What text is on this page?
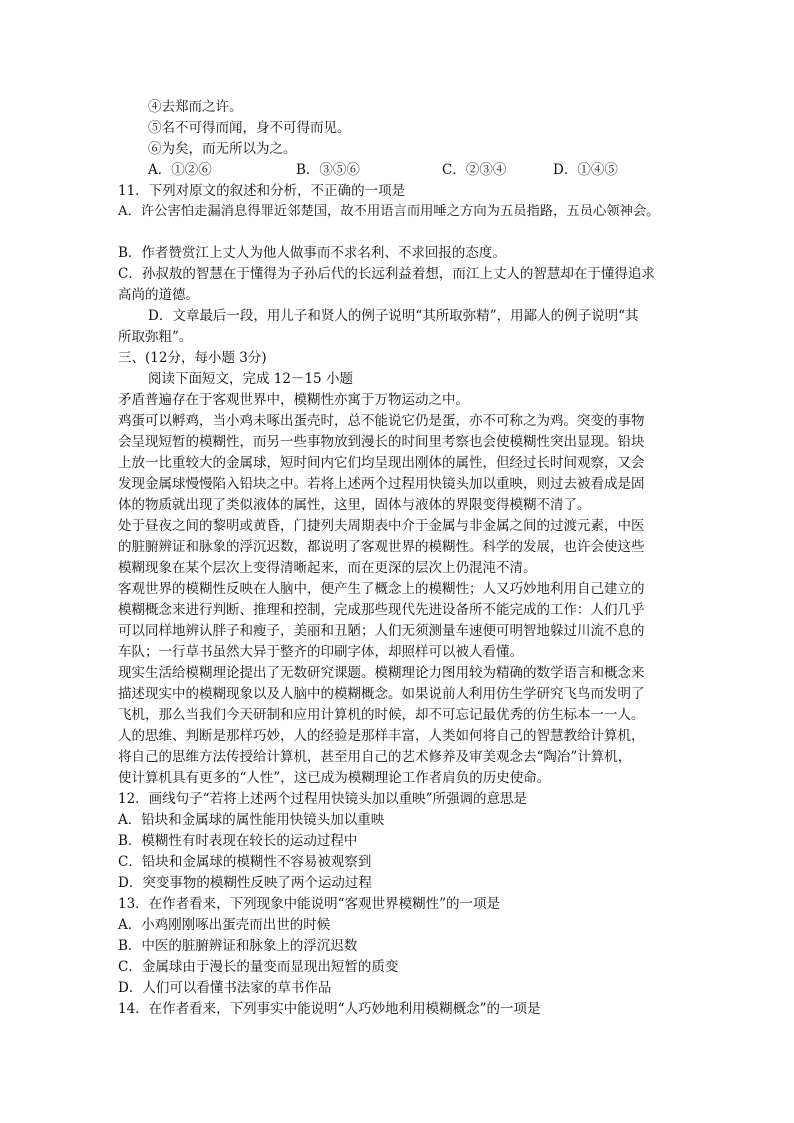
④去郑而之许。
⑤名不可得而闻，身不可得而见。
⑥为矣，而无所以为之。
A．①②⑥	B．③⑤⑥	C．②③④	D．①④⑤
11．下列对原文的叙述和分析，不正确的一项是
A．许公害怕走漏消息得罪近邻楚国，故不用语言而用唾之方向为五员指路，五员心领神会。
B．作者赞赏江上丈人为他人做事而不求名利、不求回报的态度。
C．孙叔敖的智慧在于懂得为子孙后代的长远利益着想，而江上丈人的智慧却在于懂得追求
高尚的道德。
D．文章最后一段，用儿子和贤人的例子说明“其所取弥精”，用鄙人的例子说明“其
所取弥粗”。
三、(12分，每小题 3分)
阅读下面短文，完成 12－15 小题
矛盾普遍存在于客观世界中，模糊性亦寓于万物运动之中。
鸡蛋可以孵鸡，当小鸡未啄出蛋壳时，总不能说它仍是蛋，亦不可称之为鸡。突变的事物
会呈现短暂的模糊性，而另一些事物放到漫长的时间里考察也会使模糊性突出显现。铅块
上放一比重较大的金属球，短时间内它们均呈现出刚体的属性，但经过长时间观察，又会
发现金属球慢慢陷入铅块之中。若将上述两个过程用快镜头加以重映，则过去被看成是固
体的物质就出现了类似液体的属性，这里，固体与液体的界限变得模糊不清了。
处于昼夜之间的黎明或黄昏，门捷列夫周期表中介于金属与非金属之间的过渡元素，中医
的脏腑辨证和脉象的浮沉迟数，都说明了客观世界的模糊性。科学的发展，也许会使这些
模糊现象在某个层次上变得清晰起来，而在更深的层次上仍混沌不清。
客观世界的模糊性反映在人脑中，便产生了概念上的模糊性；人又巧妙地利用自己建立的
模糊概念来进行判断、推理和控制，完成那些现代先进设备所不能完成的工作：人们几乎
可以同样地辨认胖子和瘦子，美丽和丑陋；人们无须测量车速便可明智地躲过川流不息的
车队；一行草书虽然大异于整齐的印刷字体，却照样可以被人看懂。
现实生活给模糊理论提出了无数研究课题。模糊理论力图用较为精确的数学语言和概念来
描述现实中的模糊现象以及人脑中的模糊概念。如果说前人利用仿生学研究飞鸟而发明了
飞机，那么当我们今天研制和应用计算机的时候，却不可忘记最优秀的仿生标本一一人。
人的思维、判断是那样巧妙，人的经验是那样丰富，人类如何将自己的智慧教给计算机，
将自己的思维方法传授给计算机，甚至用自己的艺术修养及审美观念去“陶冶”计算机，
使计算机具有更多的“人性”，这已成为模糊理论工作者肩负的历史使命。
12．画线句子“若将上述两个过程用快镜头加以重映”所强调的意思是
A．铅块和金属球的属性能用快镜头加以重映
B．模糊性有时表现在较长的运动过程中
C．铅块和金属球的模糊性不容易被观察到
D．突变事物的模糊性反映了两个运动过程
13．在作者看来，下列现象中能说明“客观世界模糊性”的一项是
A．小鸡刚刚啄出蛋壳而出世的时候
B．中医的脏腑辨证和脉象上的浮沉迟数
C．金属球由于漫长的量变而显现出短暂的质变
D．人们可以看懂书法家的草书作品
14．在作者看来，下列事实中能说明“人巧妙地利用模糊概念”的一项是
